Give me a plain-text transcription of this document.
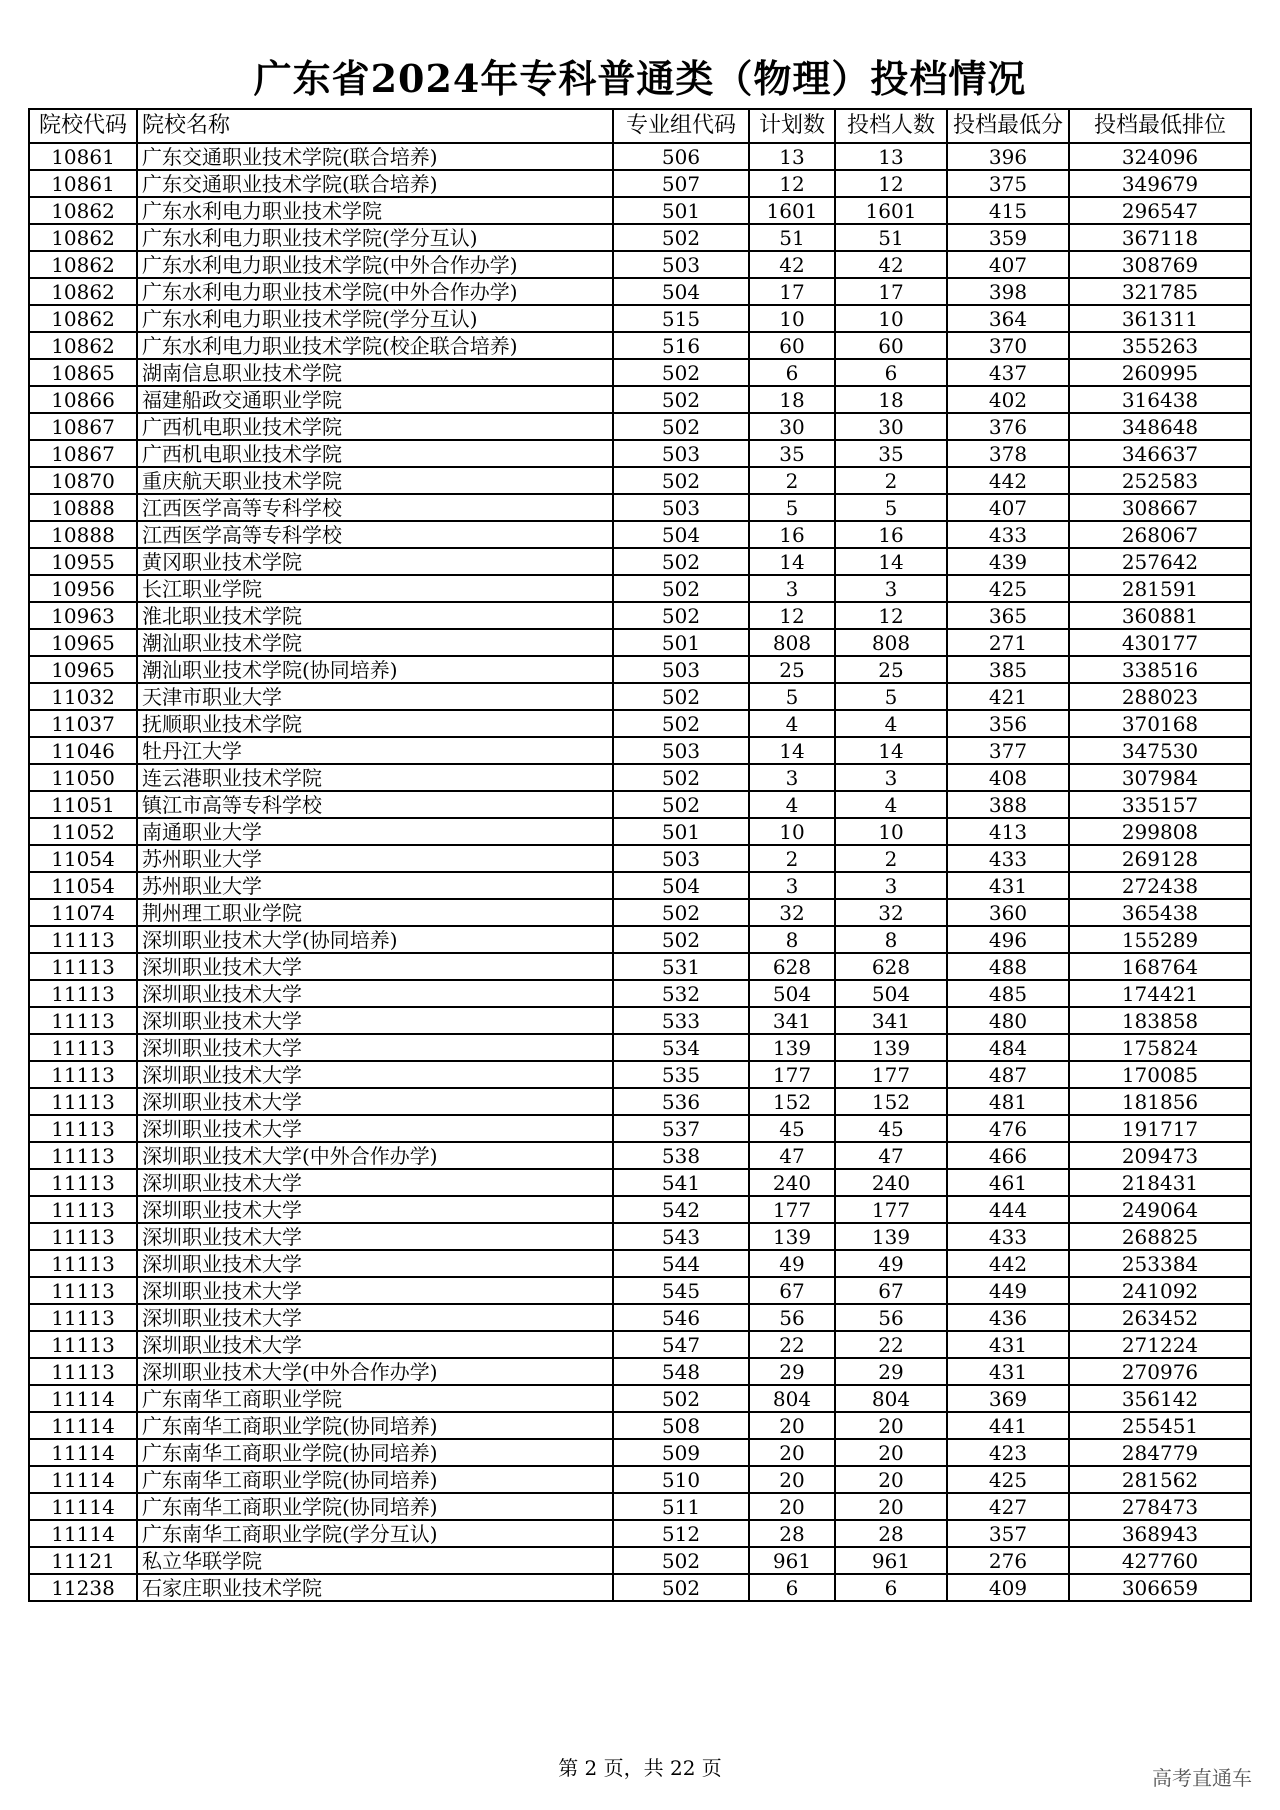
广东省2024年专科普通类（物理）投档情况
院校代码	院校名称	专业组代码	计划数	投档人数	投档最低分	投档最低排位
10861	广东交通职业技术学院(联合培养)	506	13	13	396	324096
10861	广东交通职业技术学院(联合培养)	507	12	12	375	349679
10862	广东水利电力职业技术学院	501	1601	1601	415	296547
10862	广东水利电力职业技术学院(学分互认)	502	51	51	359	367118
10862	广东水利电力职业技术学院(中外合作办学)	503	42	42	407	308769
10862	广东水利电力职业技术学院(中外合作办学)	504	17	17	398	321785
10862	广东水利电力职业技术学院(学分互认)	515	10	10	364	361311
10862	广东水利电力职业技术学院(校企联合培养)	516	60	60	370	355263
10865	湖南信息职业技术学院	502	6	6	437	260995
10866	福建船政交通职业学院	502	18	18	402	316438
10867	广西机电职业技术学院	502	30	30	376	348648
10867	广西机电职业技术学院	503	35	35	378	346637
10870	重庆航天职业技术学院	502	2	2	442	252583
10888	江西医学高等专科学校	503	5	5	407	308667
10888	江西医学高等专科学校	504	16	16	433	268067
10955	黄冈职业技术学院	502	14	14	439	257642
10956	长江职业学院	502	3	3	425	281591
10963	淮北职业技术学院	502	12	12	365	360881
10965	潮汕职业技术学院	501	808	808	271	430177
10965	潮汕职业技术学院(协同培养)	503	25	25	385	338516
11032	天津市职业大学	502	5	5	421	288023
11037	抚顺职业技术学院	502	4	4	356	370168
11046	牡丹江大学	503	14	14	377	347530
11050	连云港职业技术学院	502	3	3	408	307984
11051	镇江市高等专科学校	502	4	4	388	335157
11052	南通职业大学	501	10	10	413	299808
11054	苏州职业大学	503	2	2	433	269128
11054	苏州职业大学	504	3	3	431	272438
11074	荆州理工职业学院	502	32	32	360	365438
11113	深圳职业技术大学(协同培养)	502	8	8	496	155289
11113	深圳职业技术大学	531	628	628	488	168764
11113	深圳职业技术大学	532	504	504	485	174421
11113	深圳职业技术大学	533	341	341	480	183858
11113	深圳职业技术大学	534	139	139	484	175824
11113	深圳职业技术大学	535	177	177	487	170085
11113	深圳职业技术大学	536	152	152	481	181856
11113	深圳职业技术大学	537	45	45	476	191717
11113	深圳职业技术大学(中外合作办学)	538	47	47	466	209473
11113	深圳职业技术大学	541	240	240	461	218431
11113	深圳职业技术大学	542	177	177	444	249064
11113	深圳职业技术大学	543	139	139	433	268825
11113	深圳职业技术大学	544	49	49	442	253384
11113	深圳职业技术大学	545	67	67	449	241092
11113	深圳职业技术大学	546	56	56	436	263452
11113	深圳职业技术大学	547	22	22	431	271224
11113	深圳职业技术大学(中外合作办学)	548	29	29	431	270976
11114	广东南华工商职业学院	502	804	804	369	356142
11114	广东南华工商职业学院(协同培养)	508	20	20	441	255451
11114	广东南华工商职业学院(协同培养)	509	20	20	423	284779
11114	广东南华工商职业学院(协同培养)	510	20	20	425	281562
11114	广东南华工商职业学院(协同培养)	511	20	20	427	278473
11114	广东南华工商职业学院(学分互认)	512	28	28	357	368943
11121	私立华联学院	502	961	961	276	427760
11238	石家庄职业技术学院	502	6	6	409	306659
第 2 页，共 22 页	高考直通车
